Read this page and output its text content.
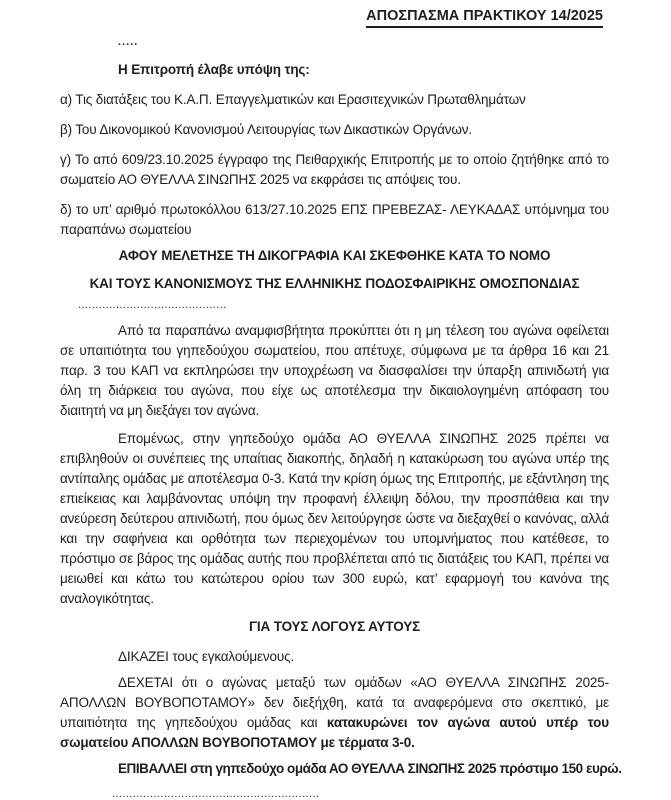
ΑΠΟΣΠΑΣΜΑ ΠΡΑΚΤΙΚΟΥ 14/2025

.....

Η Επιτροπή έλαβε υπόψη της:

α) Τις διατάξεις του Κ.Α.Π. Επαγγελματικών και Ερασιτεχνικών Πρωταθλημάτων

β) Του Δικονομικού Κανονισμού Λειτουργίας των Δικαστικών Οργάνων.

γ) Το από 609/23.10.2025 έγγραφο της Πειθαρχικής Επιτροπής με το οποίο ζητήθηκε από το σωματείο ΑΟ ΘΥΕΛΛΑ ΣΙΝΩΠΗΣ 2025 να εκφράσει τις απόψεις του.

δ) το υπ’ αριθμό πρωτοκόλλου 613/27.10.2025 ΕΠΣ ΠΡΕΒΕΖΑΣ- ΛΕΥΚΑΔΑΣ υπόμνημα του παραπάνω σωματείου

ΑΦΟΥ ΜΕΛΕΤΗΣΕ ΤΗ ΔΙΚΟΓΡΑΦΙΑ ΚΑΙ ΣΚΕΦΘΗΚΕ ΚΑΤΑ ΤΟ ΝΟΜΟ

ΚΑΙ ΤΟΥΣ ΚΑΝΟΝΙΣΜΟΥΣ ΤΗΣ ΕΛΛΗΝΙΚΗΣ ΠΟΔΟΣΦΑΙΡΙΚΗΣ ΟΜΟΣΠΟΝΔΙΑΣ

...........................................

Από τα παραπάνω αναμφισβήτητα προκύπτει ότι η μη τέλεση του αγώνα οφείλεται σε υπαιτιότητα του γηπεδούχου σωματείου, που απέτυχε, σύμφωνα με τα άρθρα 16 και 21 παρ. 3 του ΚΑΠ να εκπληρώσει την υποχρέωση να διασφαλίσει την ύπαρξη απινιδωτή για όλη τη διάρκεια του αγώνα, που είχε ως αποτέλεσμα την δικαιολογημένη απόφαση του διαιτητή να μη διεξάγει τον αγώνα.

Επομένως, στην γηπεδούχο ομάδα ΑΟ ΘΥΕΛΛΑ ΣΙΝΩΠΗΣ 2025 πρέπει να επιβληθούν οι συνέπειες της υπαίτιας διακοπής, δηλαδή η κατακύρωση του αγώνα υπέρ της αντίπαλης ομάδας με αποτέλεσμα 0-3. Κατά την κρίση όμως της Επιτροπής, με εξάντληση της επιείκειας και λαμβάνοντας υπόψη την προφανή έλλειψη δόλου, την προσπάθεια και την ανεύρεση δεύτερου απινιδωτή, που όμως δεν λειτούργησε ώστε να διεξαχθεί ο κανόνας, αλλά και την σαφήνεια και ορθότητα των περιεχομένων του υπομνήματος που κατέθεσε, το πρόστιμο σε βάρος της ομάδας αυτής που προβλέπεται από τις διατάξεις του ΚΑΠ, πρέπει να μειωθεί και κάτω του κατώτερου ορίου των 300 ευρώ, κατ’ εφαρμογή του κανόνα της αναλογικότητας.

ΓΙΑ ΤΟΥΣ ΛΟΓΟΥΣ ΑΥΤΟΥΣ

ΔΙΚΑΖΕΙ τους εγκαλούμενους.

ΔΕΧΕΤΑΙ ότι ο αγώνας μεταξύ των ομάδων «ΑΟ ΘΥΕΛΛΑ ΣΙΝΩΠΗΣ 2025- ΑΠΟΛΛΩΝ ΒΟΥΒΟΠΟΤΑΜΟΥ» δεν διεξήχθη, κατά τα αναφερόμενα στο σκεπτικό, με υπαιτιότητα της γηπεδούχου ομάδας και κατακυρώνει τον αγώνα αυτού υπέρ του σωματείου ΑΠΟΛΛΩΝ ΒΟΥΒΟΠΟΤΑΜΟΥ με τέρματα 3-0.

ΕΠΙΒΑΛΛΕΙ στη γηπεδούχο ομάδα ΑΟ ΘΥΕΛΛΑ ΣΙΝΩΠΗΣ 2025 πρόστιμο 150 ευρώ.

............................................................
